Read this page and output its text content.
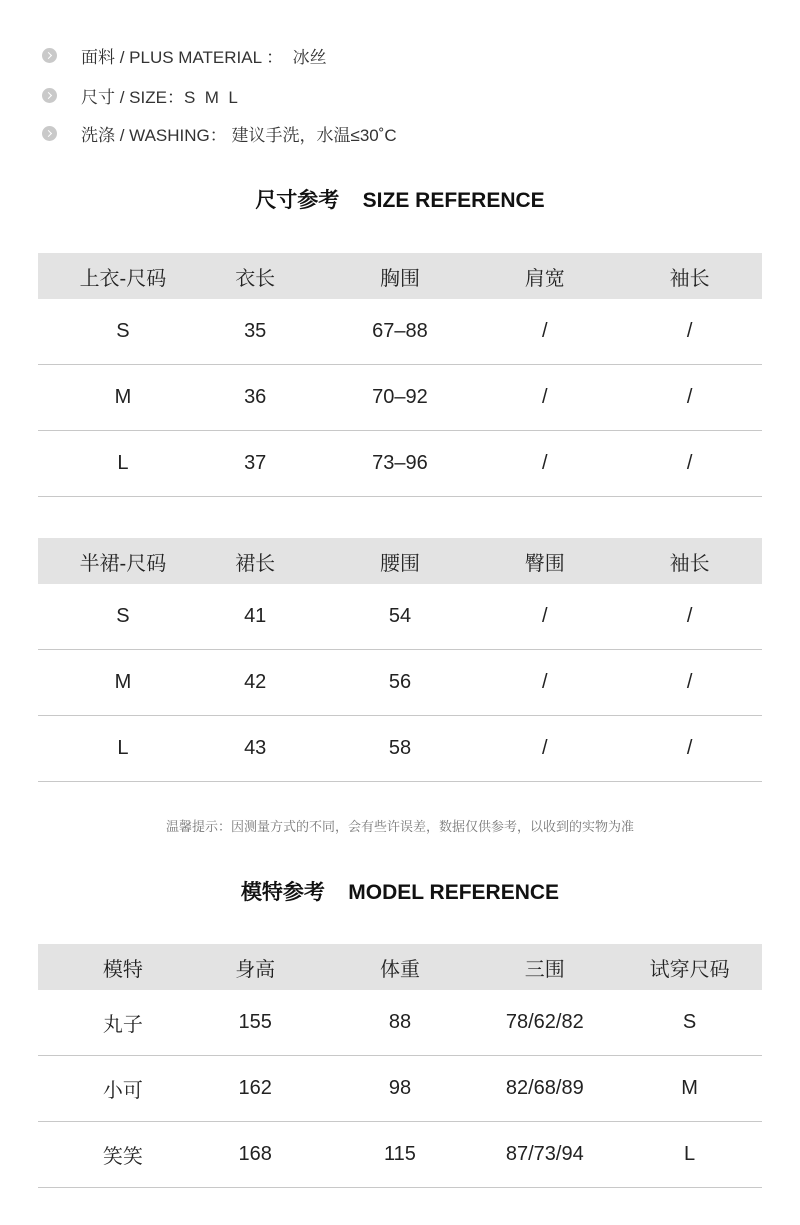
面料 / PLUS MATERIAL ：  冰丝
尺寸 / SIZE：S  M  L
洗涤 / WASHING： 建议手洗，水温≤30˚C
尺寸参考    SIZE REFERENCE
上衣-尺码	衣长	胸围	肩宽	袖长
S	35	67–88	/	/
M	36	70–92	/	/
L	37	73–96	/	/
半裙-尺码	裙长	腰围	臀围	袖长
S	41	54	/	/
M	42	56	/	/
L	43	58	/	/
温馨提示：因测量方式的不同，会有些许误差，数据仅供参考，以收到的实物为准
模特参考    MODEL REFERENCE
模特	身高	体重	三围	试穿尺码
丸子	155	88	78/62/82	S
小可	162	98	82/68/89	M
笑笑	168	115	87/73/94	L
